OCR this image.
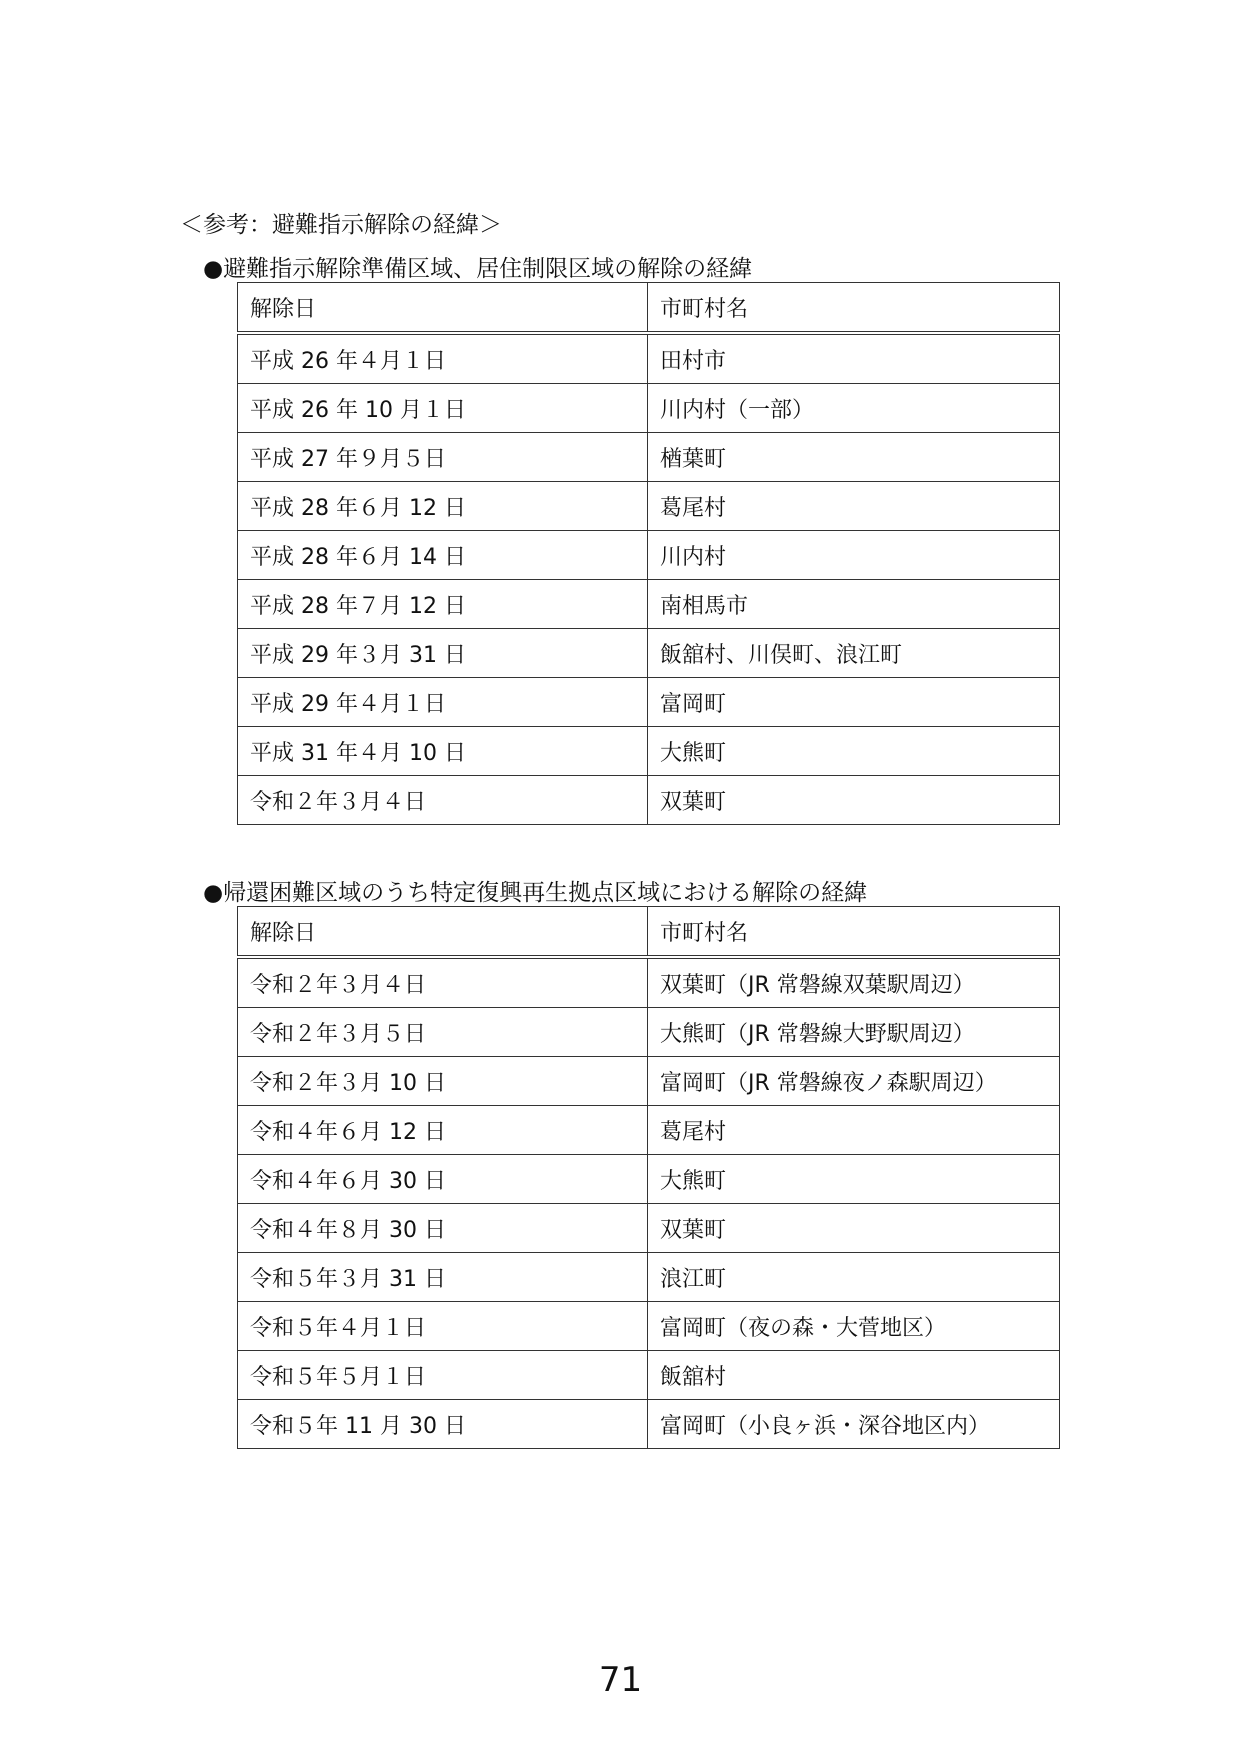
＜参考：避難指示解除の経緯＞
●避難指示解除準備区域、居住制限区域の解除の経緯
解除日	市町村名
平成 26 年４月１日	田村市
平成 26 年 10 月１日	川内村（一部）
平成 27 年９月５日	楢葉町
平成 28 年６月 12 日	葛尾村
平成 28 年６月 14 日	川内村
平成 28 年７月 12 日	南相馬市
平成 29 年３月 31 日	飯舘村、川俣町、浪江町
平成 29 年４月１日	富岡町
平成 31 年４月 10 日	大熊町
令和２年３月４日	双葉町
●帰還困難区域のうち特定復興再生拠点区域における解除の経緯
解除日	市町村名
令和２年３月４日	双葉町（JR 常磐線双葉駅周辺）
令和２年３月５日	大熊町（JR 常磐線大野駅周辺）
令和２年３月 10 日	富岡町（JR 常磐線夜ノ森駅周辺）
令和４年６月 12 日	葛尾村
令和４年６月 30 日	大熊町
令和４年８月 30 日	双葉町
令和５年３月 31 日	浪江町
令和５年４月１日	富岡町（夜の森・大菅地区）
令和５年５月１日	飯舘村
令和５年 11 月 30 日	富岡町（小良ヶ浜・深谷地区内）
71
